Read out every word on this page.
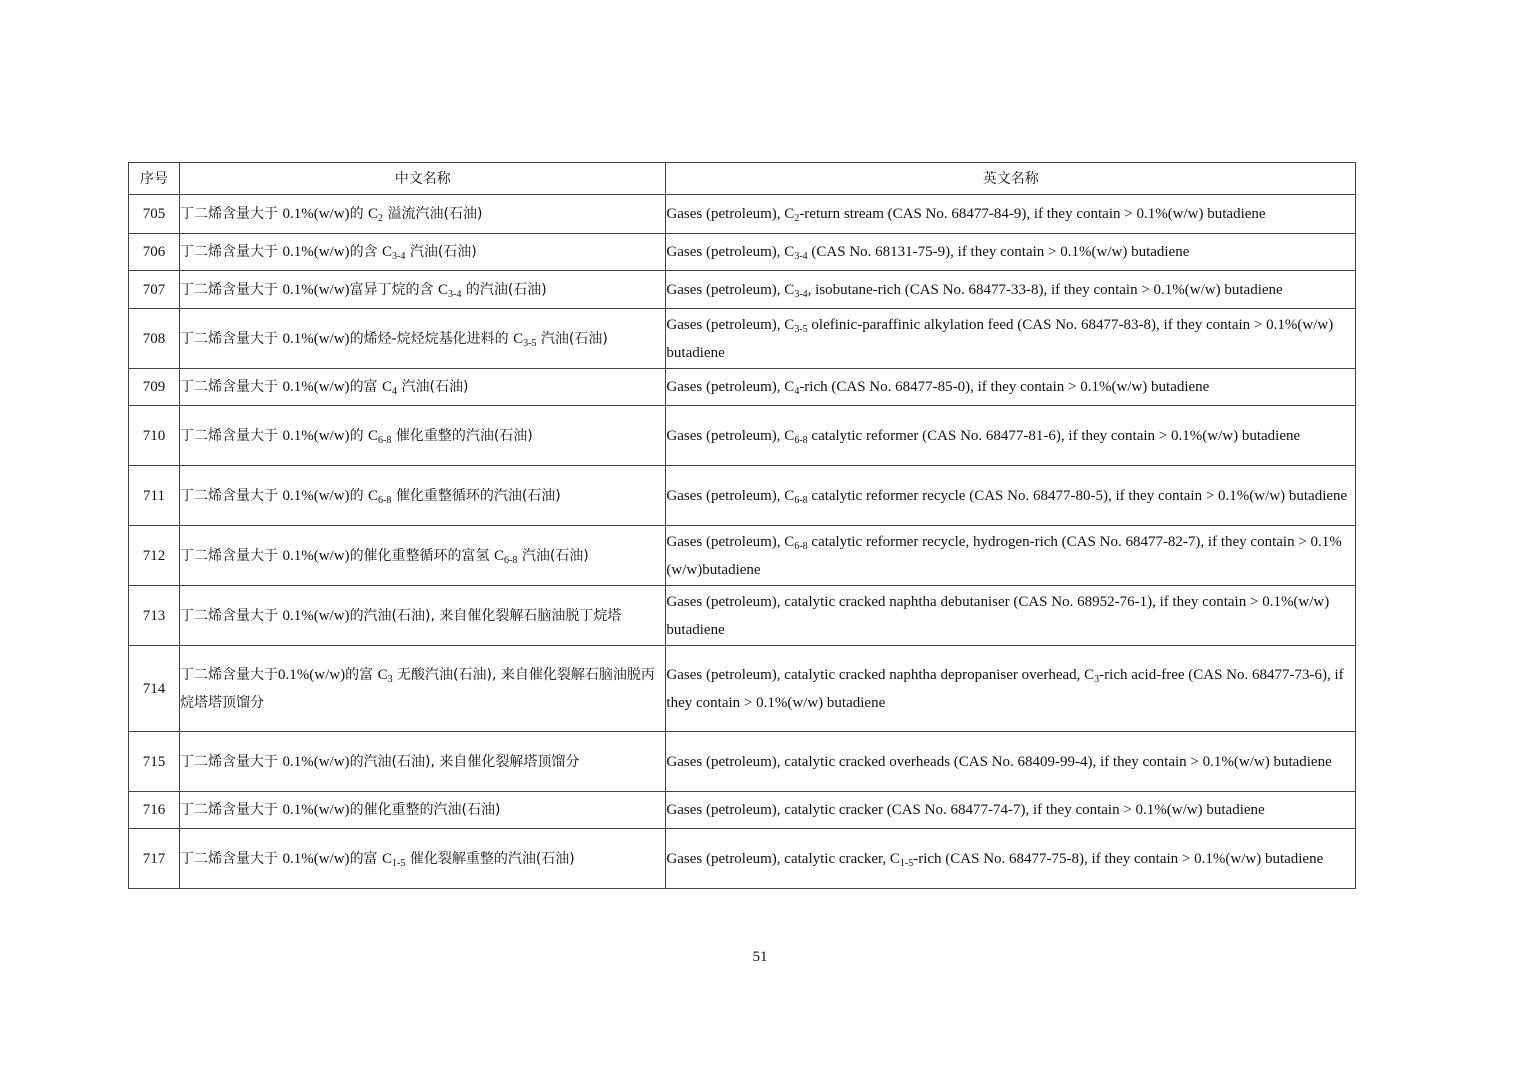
序号	中文名称	英文名称
705	丁二烯含量大于 0.1%(w/w)的 $C_2$ 溢流汽油(石油)	Gases (petroleum), $C_2$-return stream (CAS No. 68477-84-9), if they contain > 0.1%(w/w) butadiene
706	丁二烯含量大于 0.1%(w/w)的含 $C_{3-4}$ 汽油(石油)	Gases (petroleum), $C_{3-4}$ (CAS No. 68131-75-9), if they contain > 0.1%(w/w) butadiene
707	丁二烯含量大于 0.1%(w/w)富异丁烷的含 $C_{3-4}$ 的汽油(石油)	Gases (petroleum), $C_{3-4}$, isobutane-rich (CAS No. 68477-33-8), if they contain > 0.1%(w/w) butadiene
708	丁二烯含量大于 0.1%(w/w)的烯烃-烷烃烷基化进料的 $C_{3-5}$ 汽油(石油)	Gases (petroleum), $C_{3-5}$ olefinic-paraffinic alkylation feed (CAS No. 68477-83-8), if they contain > 0.1%(w/w) butadiene
709	丁二烯含量大于 0.1%(w/w)的富 $C_4$ 汽油(石油)	Gases (petroleum), $C_4$-rich (CAS No. 68477-85-0), if they contain > 0.1%(w/w) butadiene
710	丁二烯含量大于 0.1%(w/w)的 $C_{6-8}$ 催化重整的汽油(石油)	Gases (petroleum), $C_{6-8}$ catalytic reformer (CAS No. 68477-81-6), if they contain > 0.1%(w/w) butadiene
711	丁二烯含量大于 0.1%(w/w)的 $C_{6-8}$ 催化重整循环的汽油(石油)	Gases (petroleum), $C_{6-8}$ catalytic reformer recycle (CAS No. 68477-80-5), if they contain > 0.1%(w/w) butadiene
712	丁二烯含量大于 0.1%(w/w)的催化重整循环的富氢 $C_{6-8}$ 汽油(石油)	Gases (petroleum), $C_{6-8}$ catalytic reformer recycle, hydrogen-rich (CAS No. 68477-82-7), if they contain > 0.1%(w/w)butadiene
713	丁二烯含量大于 0.1%(w/w)的汽油(石油), 来自催化裂解石脑油脱丁烷塔	Gases (petroleum), catalytic cracked naphtha debutaniser (CAS No. 68952-76-1), if they contain > 0.1%(w/w) butadiene
714	丁二烯含量大于0.1%(w/w)的富 $C_3$ 无酸汽油(石油), 来自催化裂解石脑油脱丙烷塔塔顶馏分	Gases (petroleum), catalytic cracked naphtha depropaniser overhead, $C_3$-rich acid-free (CAS No. 68477-73-6), if they contain > 0.1%(w/w) butadiene
715	丁二烯含量大于 0.1%(w/w)的汽油(石油), 来自催化裂解塔顶馏分	Gases (petroleum), catalytic cracked overheads (CAS No. 68409-99-4), if they contain > 0.1%(w/w) butadiene
716	丁二烯含量大于 0.1%(w/w)的催化重整的汽油(石油)	Gases (petroleum), catalytic cracker (CAS No. 68477-74-7), if they contain > 0.1%(w/w) butadiene
717	丁二烯含量大于 0.1%(w/w)的富 $C_{1-5}$ 催化裂解重整的汽油(石油)	Gases (petroleum), catalytic cracker, $C_{1-5}$-rich (CAS No. 68477-75-8), if they contain > 0.1%(w/w) butadiene
51
